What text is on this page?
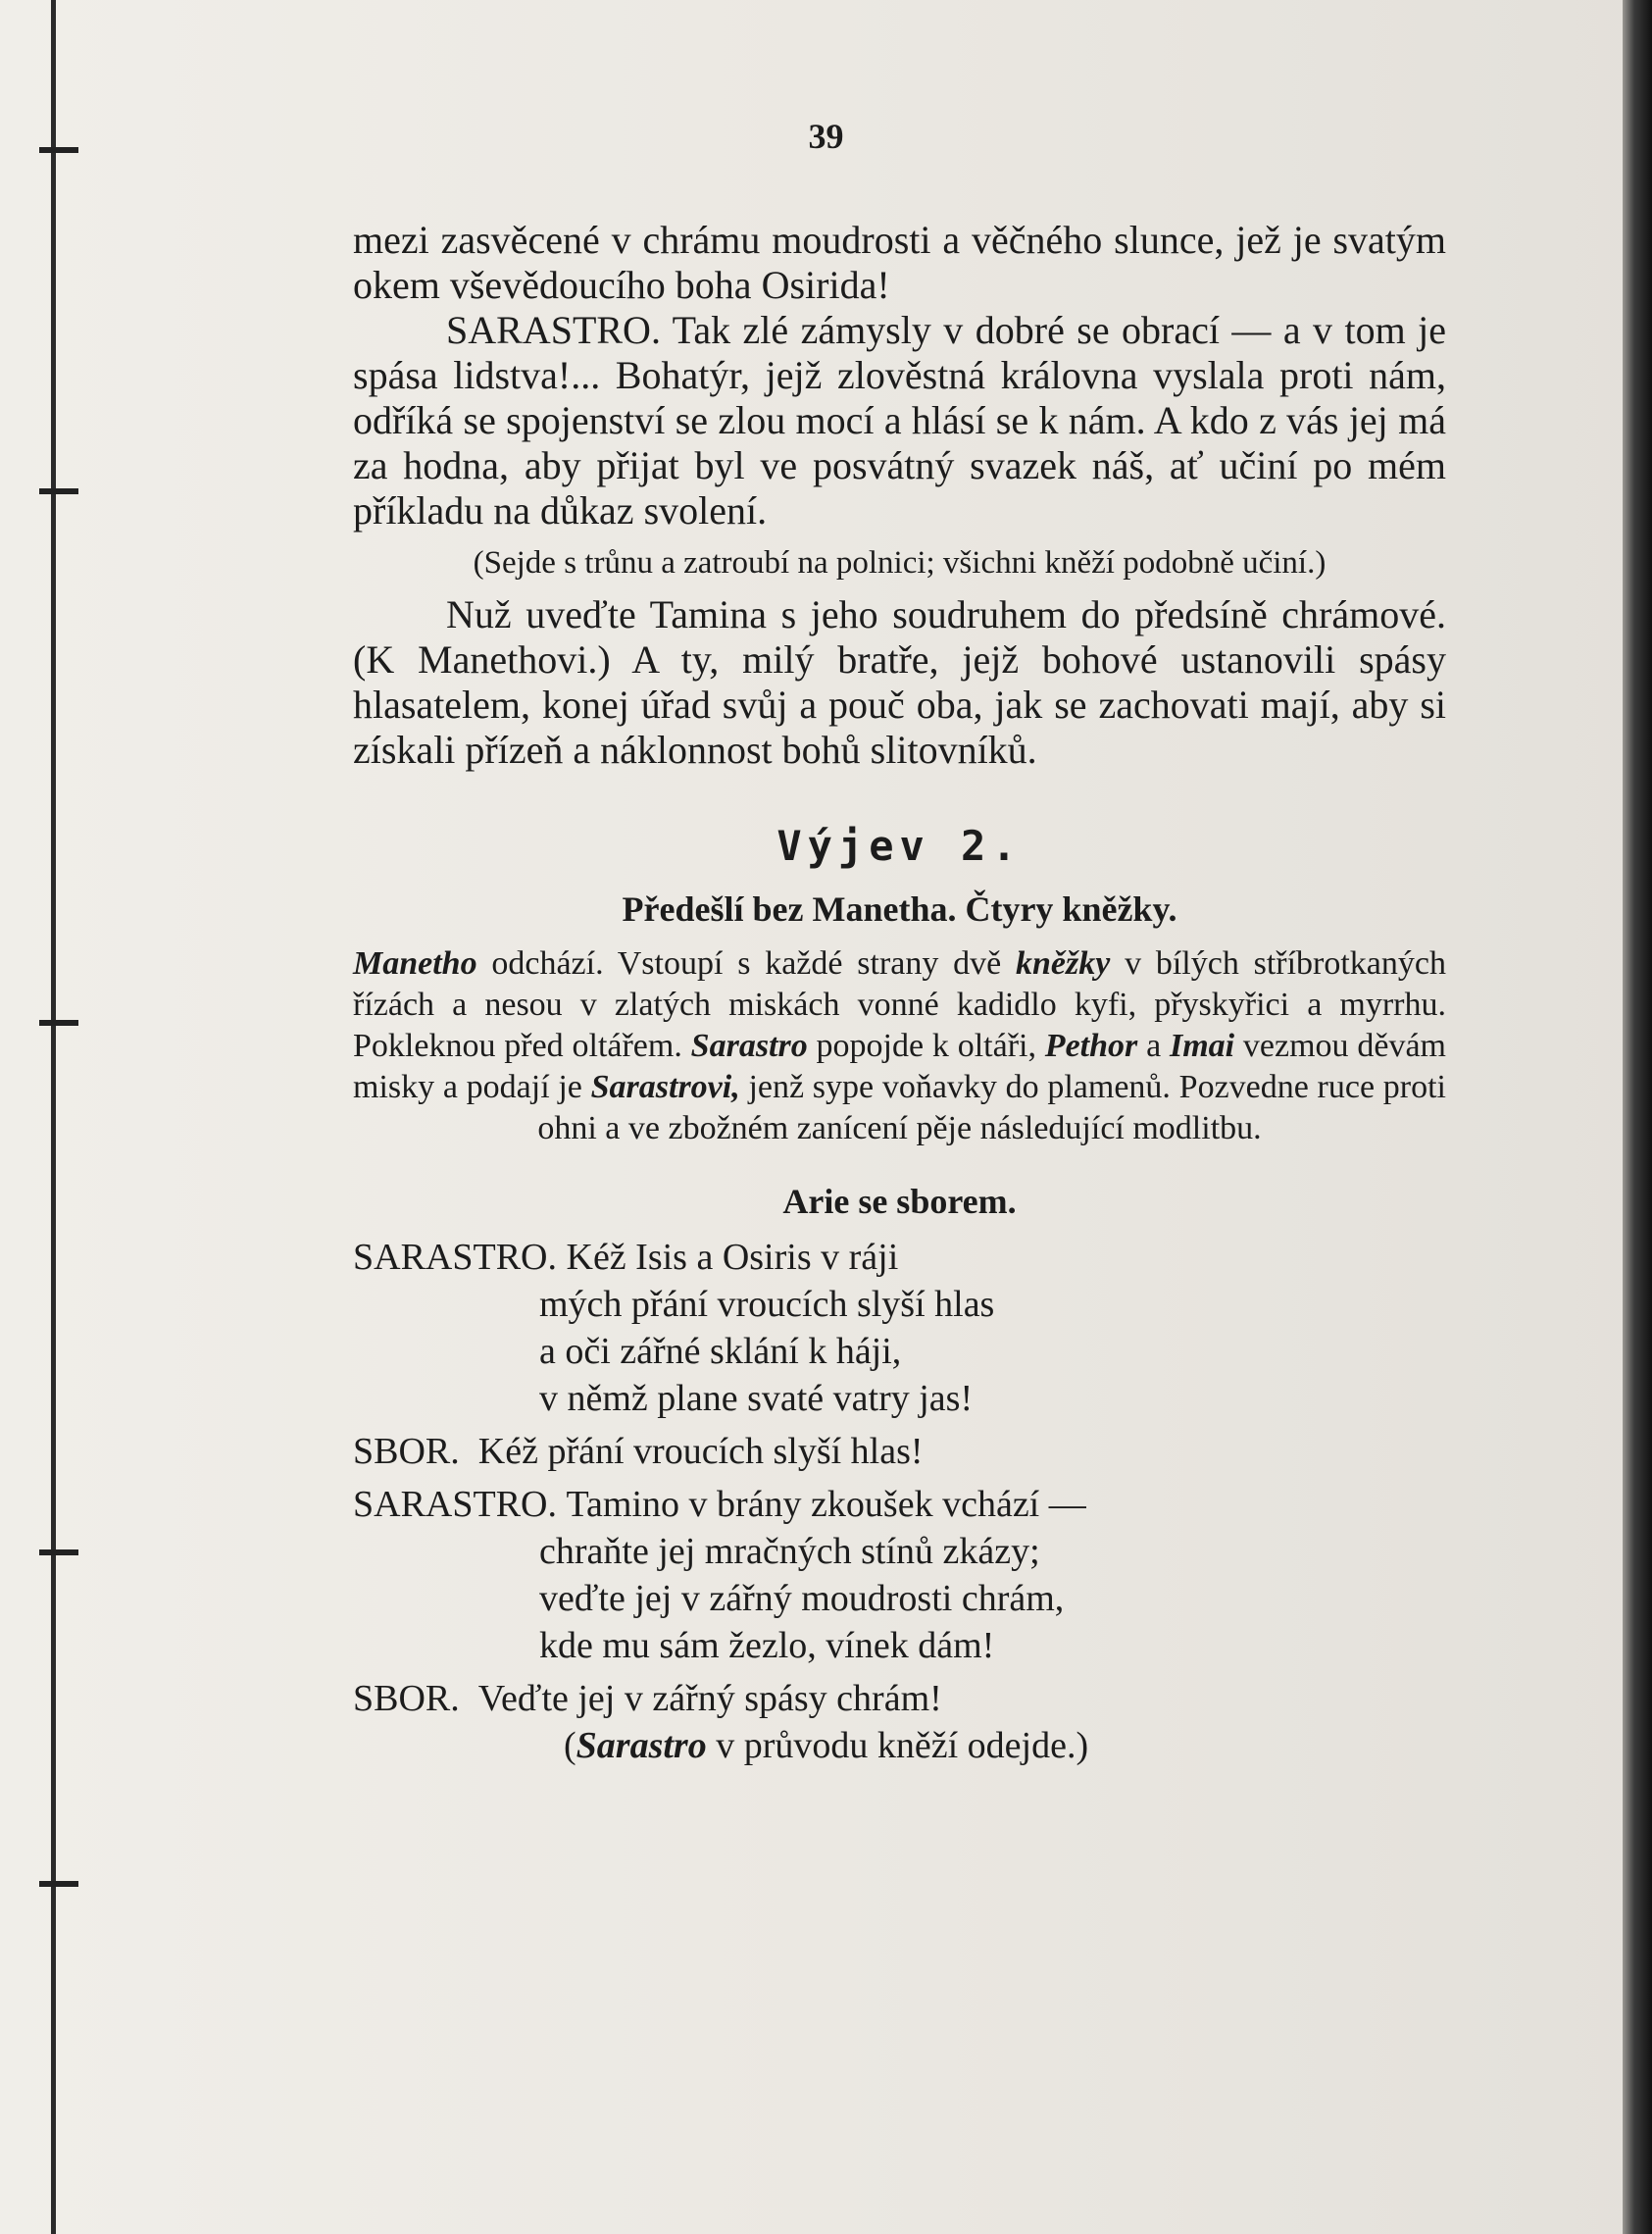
39

mezi zasvěcené v chrámu moudrosti a věčného slunce, jež je svatým okem vševědoucího boha Osirida!

SARASTRO. Tak zlé zámysly v dobré se obrací — a v tom je spása lidstva!... Bohatýr, jejž zlověstná královna vyslala proti nám, odříká se spojenství se zlou mocí a hlásí se k nám. A kdo z vás jej má za hodna, aby přijat byl ve posvátný svazek náš, ať učiní po mém příkladu na důkaz svolení.

(Sejde s trůnu a zatroubí na polnici; všichni kněží podobně učiní.)

Nuž uveďte Tamina s jeho soudruhem do předsíně chrámové. (K Manethovi.) A ty, milý bratře, jejž bohové ustanovili spásy hlasatelem, konej úřad svůj a pouč oba, jak se zachovati mají, aby si získali přízeň a náklonnost bohů slitovníků.

Výjev 2.

Předešlí bez Manetha. Čtyry kněžky.

Manetho odchází. Vstoupí s každé strany dvě kněžky v bílých stříbrotkaných řízách a nesou v zlatých miskách vonné kadidlo kyfi, přyskyřici a myrrhu. Pokleknou před oltářem. Sarastro popojde k oltáři, Pethor a Imai vezmou děvám misky a podají je Sarastrovi, jenž sype voňavky do plamenů. Pozvedne ruce proti ohni a ve zbožném zanícení pěje následující modlitbu.

Arie se sborem.

SARASTRO.
Kéž Isis a Osiris v ráji

mých přání vroucích slyší hlas

a oči zářné sklání k háji,

v němž plane svaté vatry jas!

SBOR.
Kéž přání vroucích slyší hlas!
SARASTRO.
Tamino v brány zkoušek vchází —

chraňte jej mračných stínů zkázy;

veďte jej v zářný moudrosti chrám,

kde mu sám žezlo, vínek dám!

SBOR.
Veďte jej v zářný spásy chrám!

(Sarastro v průvodu kněží odejde.)
